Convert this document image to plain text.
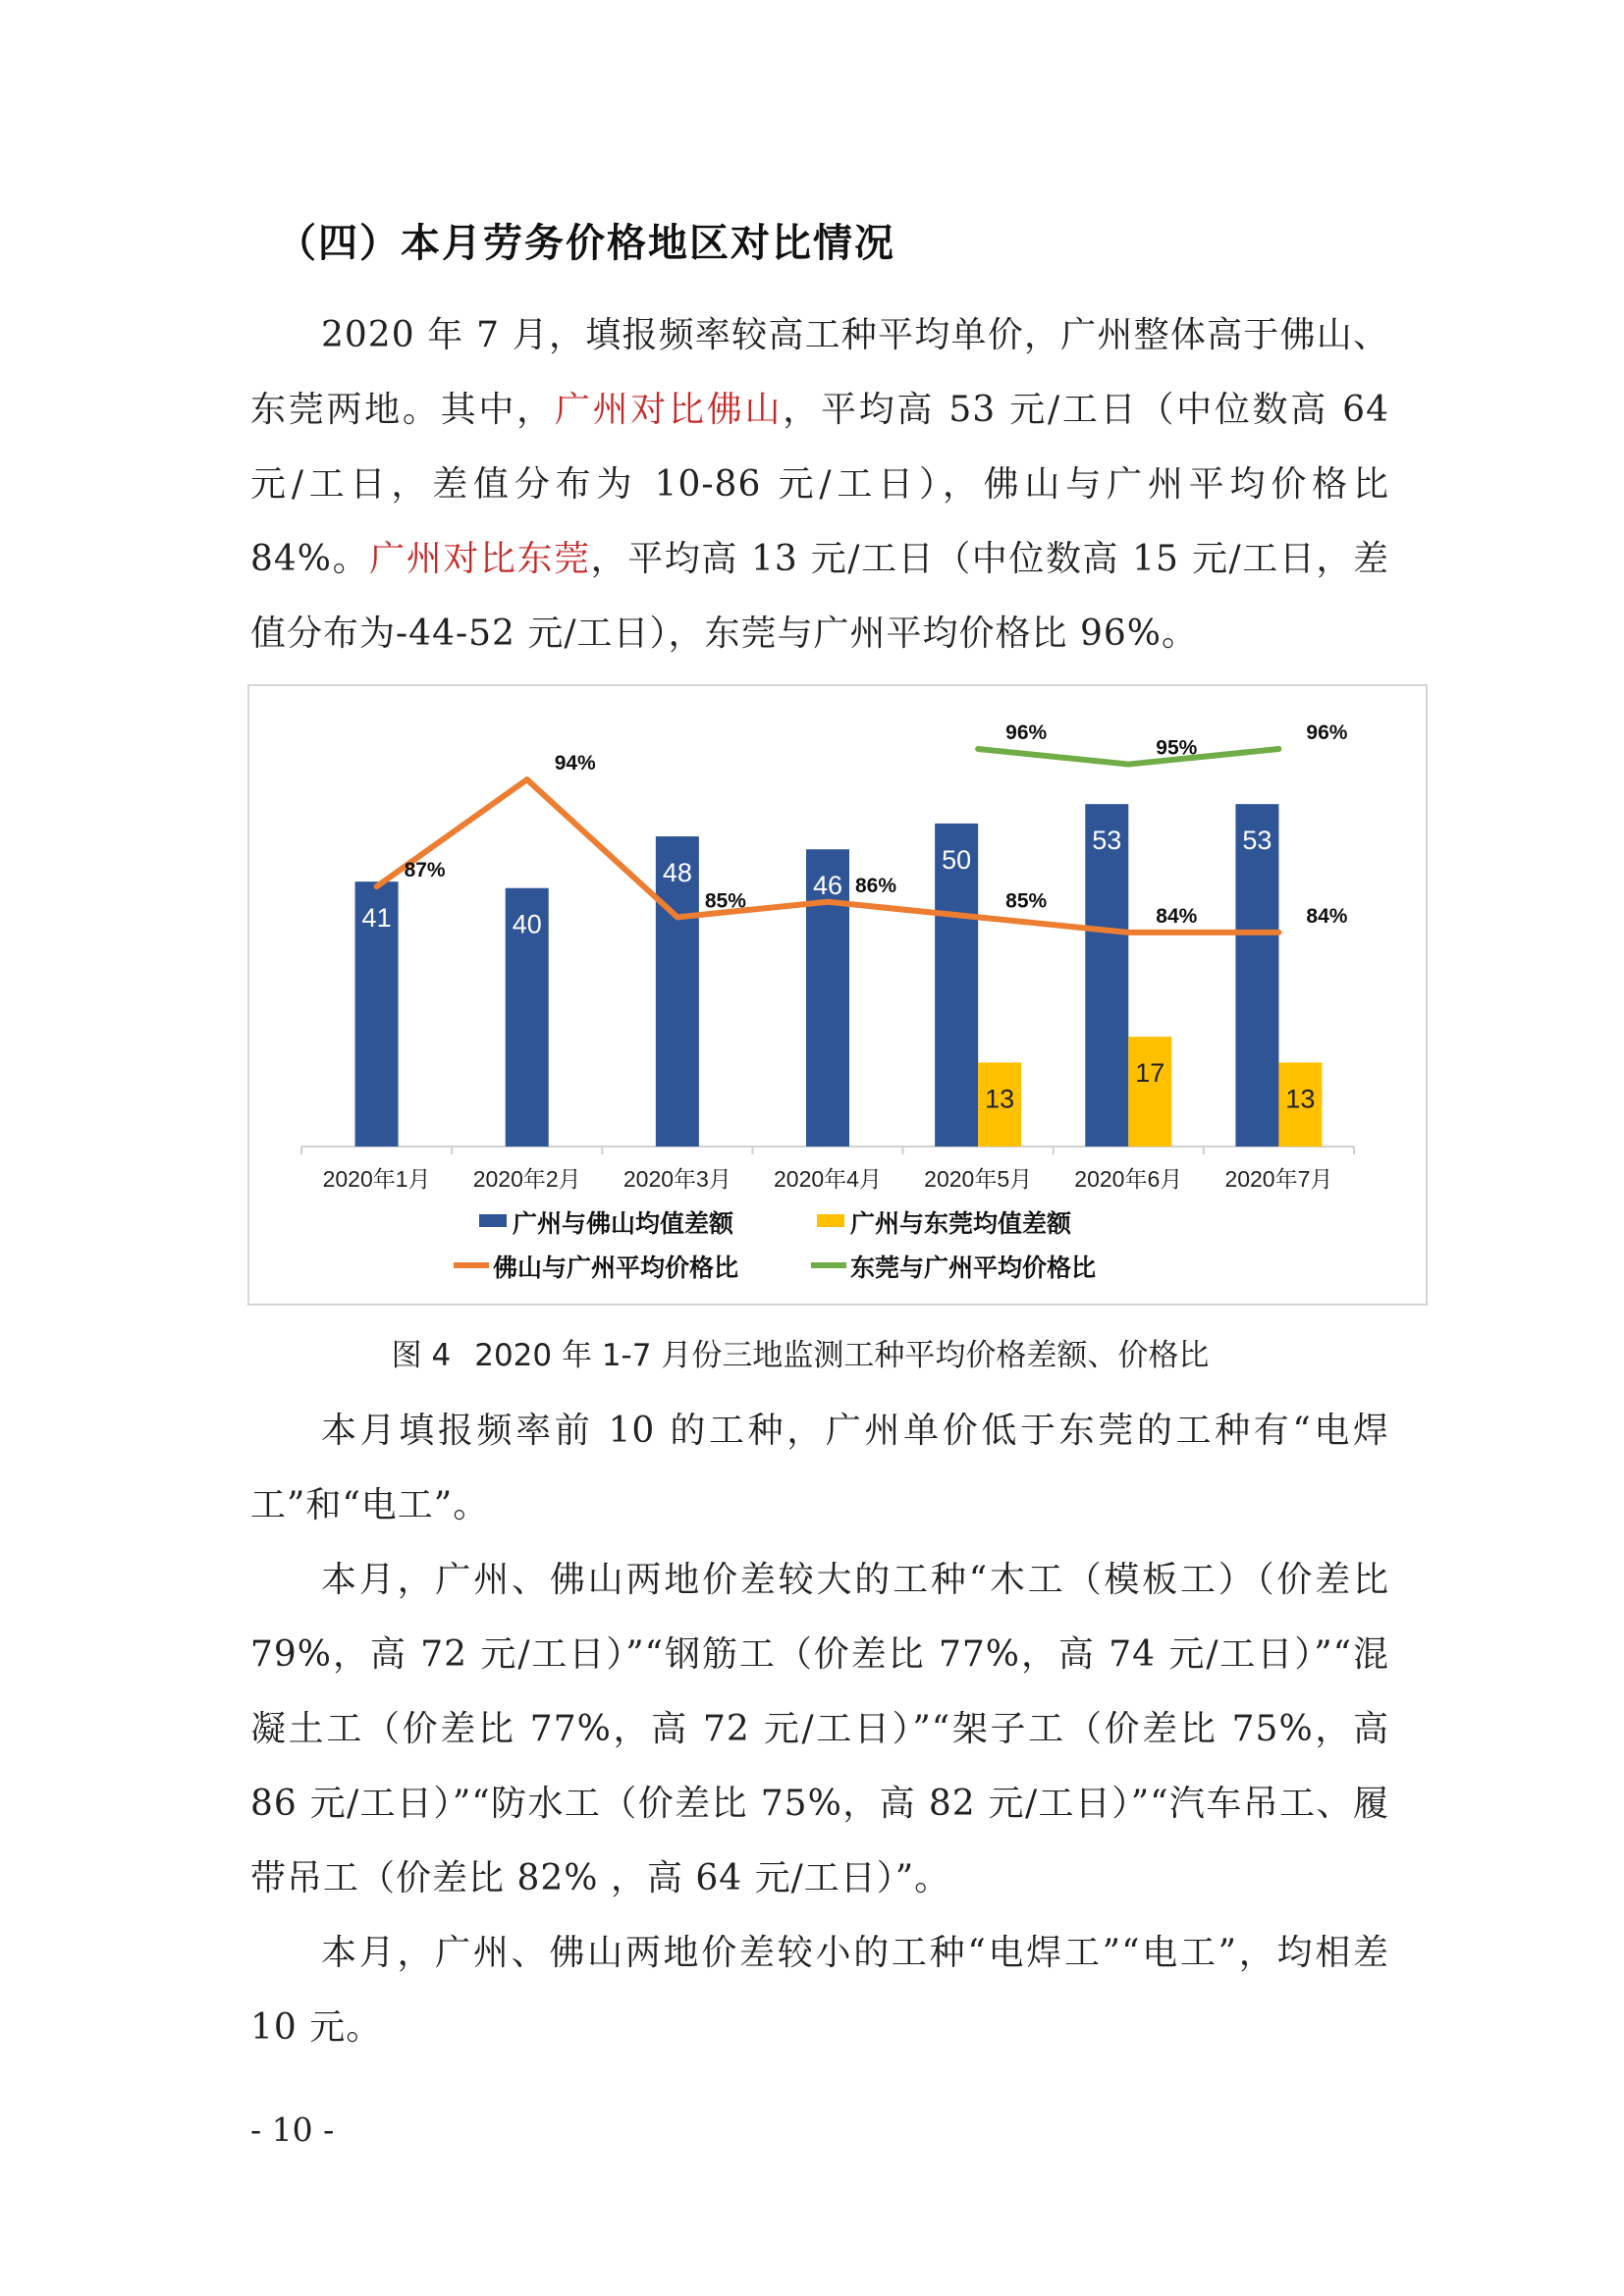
（四）本月劳务价格地区对比情况

2020 年 7 月，填报频率较高工种平均单价，广州整体高于佛山、东莞两地。其中，广州对比佛山，平均高 53 元/工日（中位数高 64 元/工日，差值分布为 10-86 元/工日），佛山与广州平均价格比 84%。广州对比东莞，平均高 13 元/工日（中位数高 15 元/工日，差值分布为-44-52 元/工日），东莞与广州平均价格比 96%。

41	40
48	46
50
13
53
17
53
13
87%
94%
85%
86%
85%
84%	84%
96%
95%
96%
2020年1月 2020年2月 2020年3月 2020年4月 2020年5月 2020年6月 2020年7月
广州与佛山均值差额	广州与东莞均值差额
佛山与广州平均价格比	东莞与广州平均价格比
图 4 2020 年 1-7 月份三地监测工种平均价格差额、价格比

本月填报频率前 10 的工种，广州单价低于东莞的工种有“电焊工”和“电工”。

本月，广州、佛山两地价差较大的工种“木工（模板工）（价差比 79%，高 72 元/工日）”“钢筋工（价差比 77%，高 74 元/工日）”“混凝土工（价差比 77%，高 72 元/工日）”“架子工（价差比 75%，高 86 元/工日）”“防水工（价差比 75%，高 82 元/工日）”“汽车吊工、履带吊工（价差比 82% ，高 64 元/工日）”。

本月，广州、佛山两地价差较小的工种“电焊工”“电工”，均相差 10 元。

- 10 -
